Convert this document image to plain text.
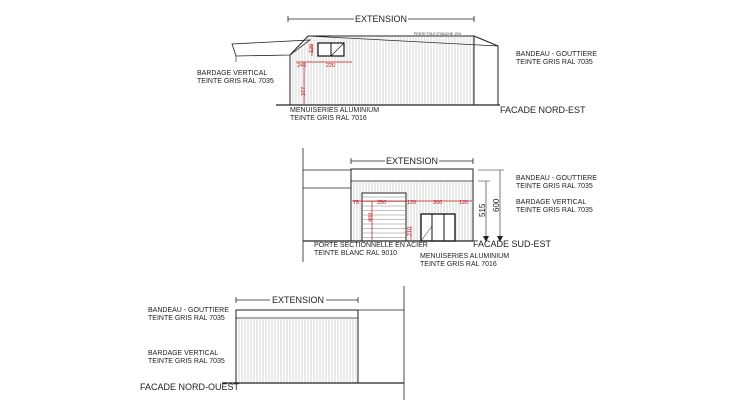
120
245	220
377
PENTE TOLE ETANCHE 10%
EXTENSION
BARDAGE VERTICAL
TEINTE GRIS RAL 7035
BANDEAU - GOUTTIERE
TEINTE GRIS RAL 7035
MENUISERIES ALUMINIUM
TEINTE GRIS RAL 7016
FACADE NORD-EST
75	350	120	300	120
400
210
515 600
EXTENSION
BANDEAU - GOUTTIERE
TEINTE GRIS RAL 7035
BARDAGE VERTICAL
TEINTE GRIS RAL 7035
PORTE SECTIONNELLE EN ACIER
TEINTE BLANC RAL 9010	MENUISERIES ALUMINIUM
TEINTE GRIS RAL 7016
FACADE SUD-EST
EXTENSION
BANDEAU - GOUTTIERE
TEINTE GRIS RAL 7035
BARDAGE VERTICAL
TEINTE GRIS RAL 7035
FACADE NORD-OUEST
